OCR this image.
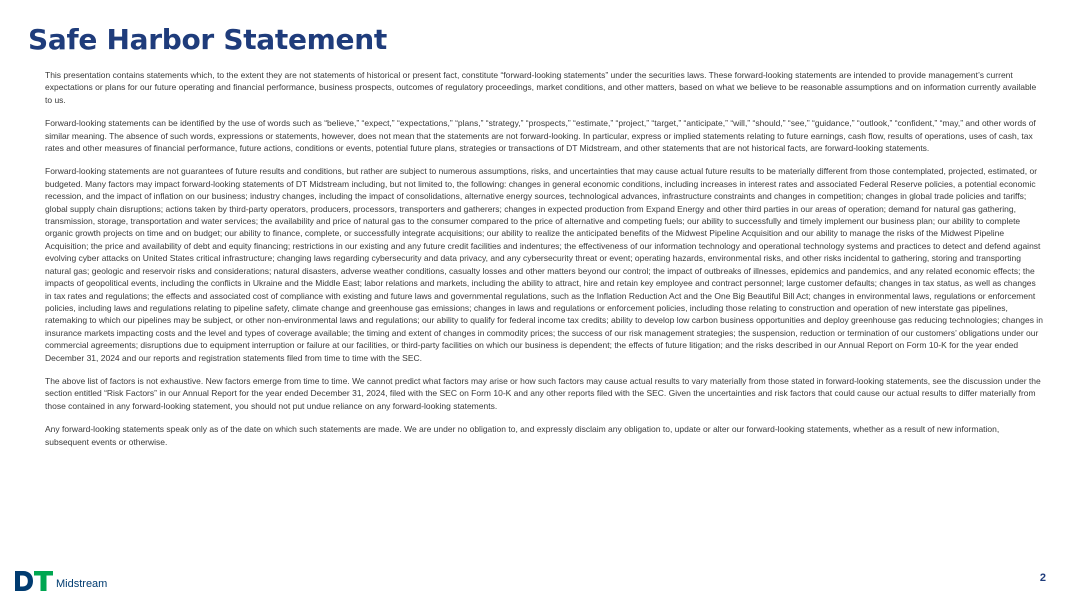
Safe Harbor Statement

This presentation contains statements which, to the extent they are not statements of historical or present fact, constitute “forward-looking statements” under the securities laws. These forward-looking statements are intended to provide management’s current expectations or plans for our future operating and financial performance, business prospects, outcomes of regulatory proceedings, market conditions, and other matters, based on what we believe to be reasonable assumptions and on information currently available to us.

Forward-looking statements can be identified by the use of words such as “believe,” “expect,” “expectations,” “plans,” “strategy,” “prospects,” “estimate,” “project,” “target,” “anticipate,” “will,” “should,” “see,” “guidance,” “outlook,” “confident,” “may,” and other words of similar meaning. The absence of such words, expressions or statements, however, does not mean that the statements are not forward-looking. In particular, express or implied statements relating to future earnings, cash flow, results of operations, uses of cash, tax rates and other measures of financial performance, future actions, conditions or events, potential future plans, strategies or transactions of DT Midstream, and other statements that are not historical facts, are forward-looking statements.

Forward-looking statements are not guarantees of future results and conditions, but rather are subject to numerous assumptions, risks, and uncertainties that may cause actual future results to be materially different from those contemplated, projected, estimated, or budgeted. Many factors may impact forward-looking statements of DT Midstream including, but not limited to, the following: changes in general economic conditions, including increases in interest rates and associated Federal Reserve policies, a potential economic recession, and the impact of inflation on our business; industry changes, including the impact of consolidations, alternative energy sources, technological advances, infrastructure constraints and changes in competition; changes in global trade policies and tariffs; global supply chain disruptions; actions taken by third-party operators, producers, processors, transporters and gatherers; changes in expected production from Expand Energy and other third parties in our areas of operation; demand for natural gas gathering, transmission, storage, transportation and water services; the availability and price of natural gas to the consumer compared to the price of alternative and competing fuels; our ability to successfully and timely implement our business plan; our ability to complete organic growth projects on time and on budget; our ability to finance, complete, or successfully integrate acquisitions; our ability to realize the anticipated benefits of the Midwest Pipeline Acquisition and our ability to manage the risks of the Midwest Pipeline Acquisition; the price and availability of debt and equity financing; restrictions in our existing and any future credit facilities and indentures; the effectiveness of our information technology and operational technology systems and practices to detect and defend against evolving cyber attacks on United States critical infrastructure; changing laws regarding cybersecurity and data privacy, and any cybersecurity threat or event; operating hazards, environmental risks, and other risks incidental to gathering, storing and transporting natural gas; geologic and reservoir risks and considerations; natural disasters, adverse weather conditions, casualty losses and other matters beyond our control; the impact of outbreaks of illnesses, epidemics and pandemics, and any related economic effects; the impacts of geopolitical events, including the conflicts in Ukraine and the Middle East; labor relations and markets, including the ability to attract, hire and retain key employee and contract personnel; large customer defaults; changes in tax status, as well as changes in tax rates and regulations; the effects and associated cost of compliance with existing and future laws and governmental regulations, such as the Inflation Reduction Act and the One Big Beautiful Bill Act; changes in environmental laws, regulations or enforcement policies, including laws and regulations relating to pipeline safety, climate change and greenhouse gas emissions; changes in laws and regulations or enforcement policies, including those relating to construction and operation of new interstate gas pipelines, ratemaking to which our pipelines may be subject, or other non-environmental laws and regulations; our ability to qualify for federal income tax credits; ability to develop low carbon business opportunities and deploy greenhouse gas reducing technologies; changes in insurance markets impacting costs and the level and types of coverage available; the timing and extent of changes in commodity prices; the success of our risk management strategies; the suspension, reduction or termination of our customers’ obligations under our commercial agreements; disruptions due to equipment interruption or failure at our facilities, or third-party facilities on which our business is dependent; the effects of future litigation; and the risks described in our Annual Report on Form 10-K for the year ended December 31, 2024 and our reports and registration statements filed from time to time with the SEC.

The above list of factors is not exhaustive. New factors emerge from time to time. We cannot predict what factors may arise or how such factors may cause actual results to vary materially from those stated in forward-looking statements, see the discussion under the section entitled “Risk Factors” in our Annual Report for the year ended December 31, 2024, filed with the SEC on Form 10-K and any other reports filed with the SEC. Given the uncertainties and risk factors that could cause our actual results to differ materially from those contained in any forward-looking statement, you should not put undue reliance on any forward-looking statements.

Any forward-looking statements speak only as of the date on which such statements are made. We are under no obligation to, and expressly disclaim any obligation to, update or alter our forward-looking statements, whether as a result of new information, subsequent events or otherwise.

Midstream	2
